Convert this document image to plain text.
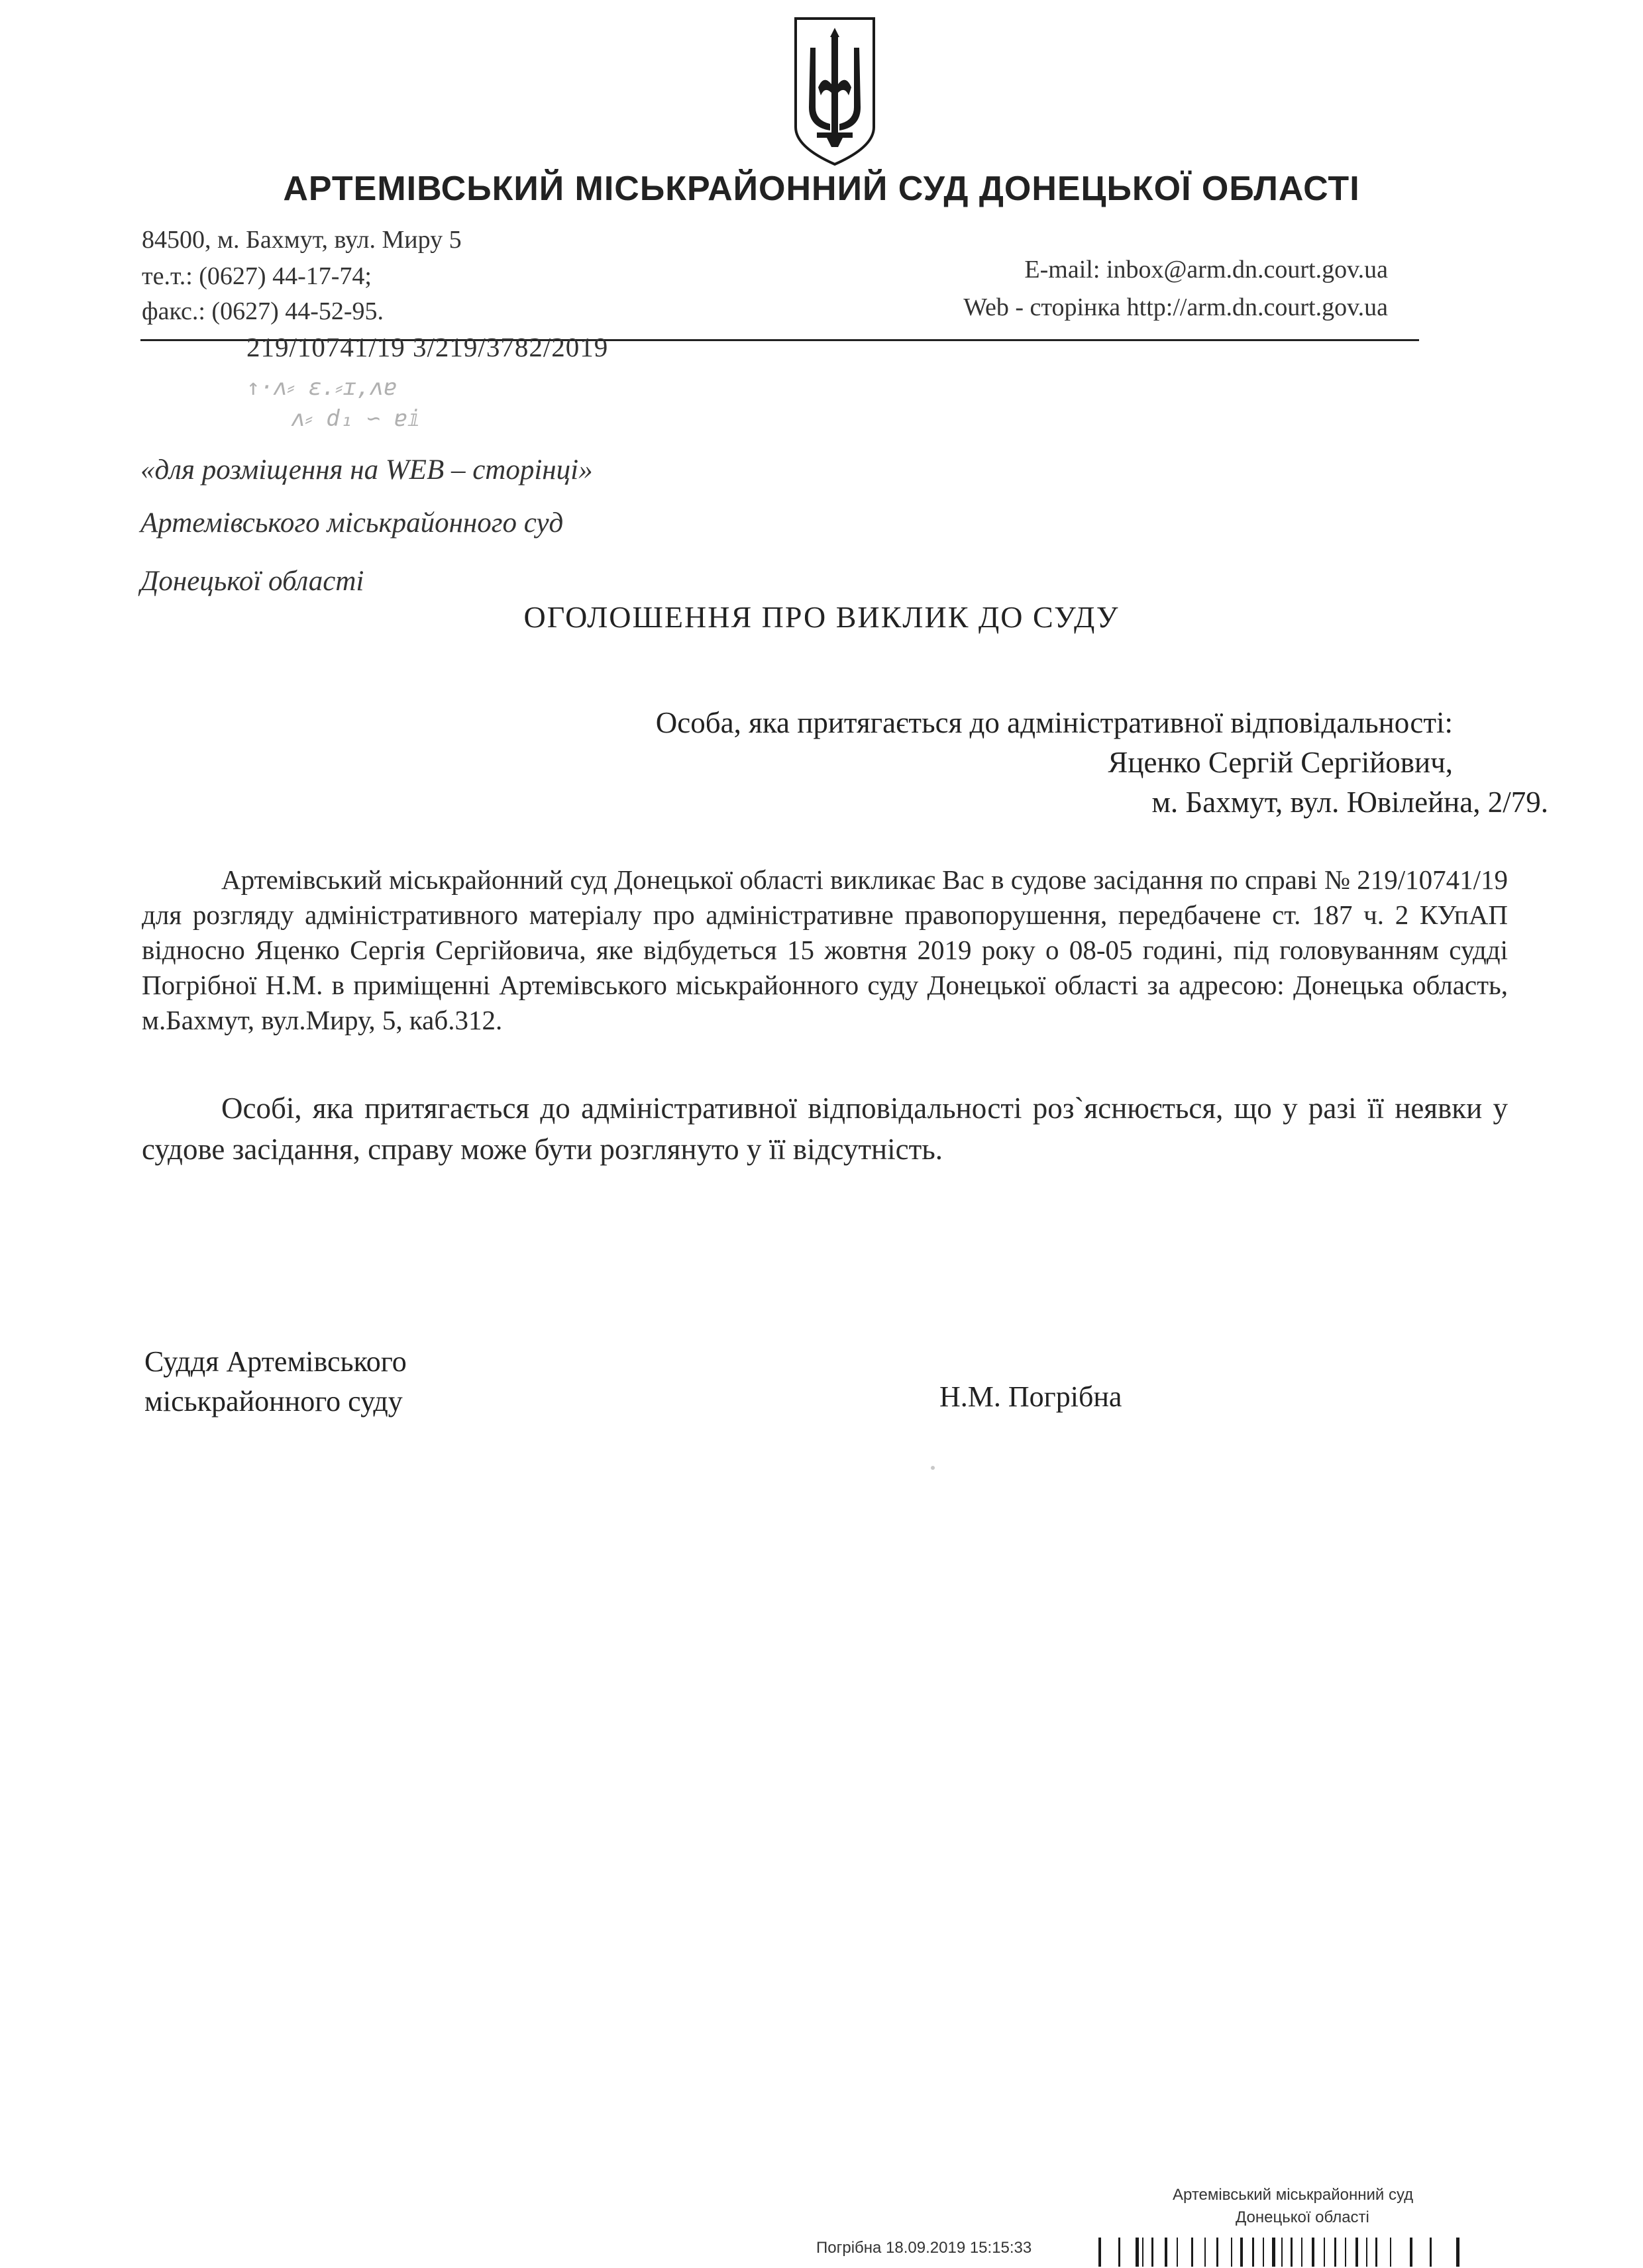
АРТЕМІВСЬКИЙ МІСЬКРАЙОННИЙ СУД ДОНЕЦЬКОЇ ОБЛАСТІ
84500, м. Бахмут, вул. Миру 5
те.т.: (0627) 44-17-74;
факс.: (0627) 44-52-95.
E-mail: inbox@arm.dn.court.gov.ua
Web - сторінка http://arm.dn.court.gov.ua
219/10741/19 3/219/3782/2019
↑·ʌ⸗ ɛ.⸗ɪ,ʌɐ
ʌ⸗ d₁ ∽ ɐⅈ
«для розміщення на WEB – сторінці»
Артемівського міськрайонного суд
Донецької області
ОГОЛОШЕННЯ ПРО ВИКЛИК ДО СУДУ
Особа, яка притягається до адміністративної відповідальності:
Яценко Сергій Сергійович,
м. Бахмут, вул. Ювілейна, 2/79.
Артемівський міськрайонний суд Донецької області викликає Вас в судове засідання по справі № 219/10741/19 для розгляду адміністративного матеріалу про адміністративне правопорушення, передбачене ст. 187 ч. 2 КУпАП відносно Яценко Сергія Сергійовича, яке відбудеться 15 жовтня 2019 року о 08-05 годині, під головуванням судді Погрібної Н.М. в приміщенні Артемівського міськрайонного суду Донецької області за адресою: Донецька область, м.Бахмут, вул.Миру, 5, каб.312.
Особі, яка притягається до адміністративної відповідальності роз`яснюється, що у разі її неявки у судове засідання, справу може бути розглянуто у її відсутність.
Суддя Артемівського
міськрайонного суду	Н.М. Погрібна
Артемівський міськрайонний суд
Донецької області
Погрібна 18.09.2019 15:15:33
